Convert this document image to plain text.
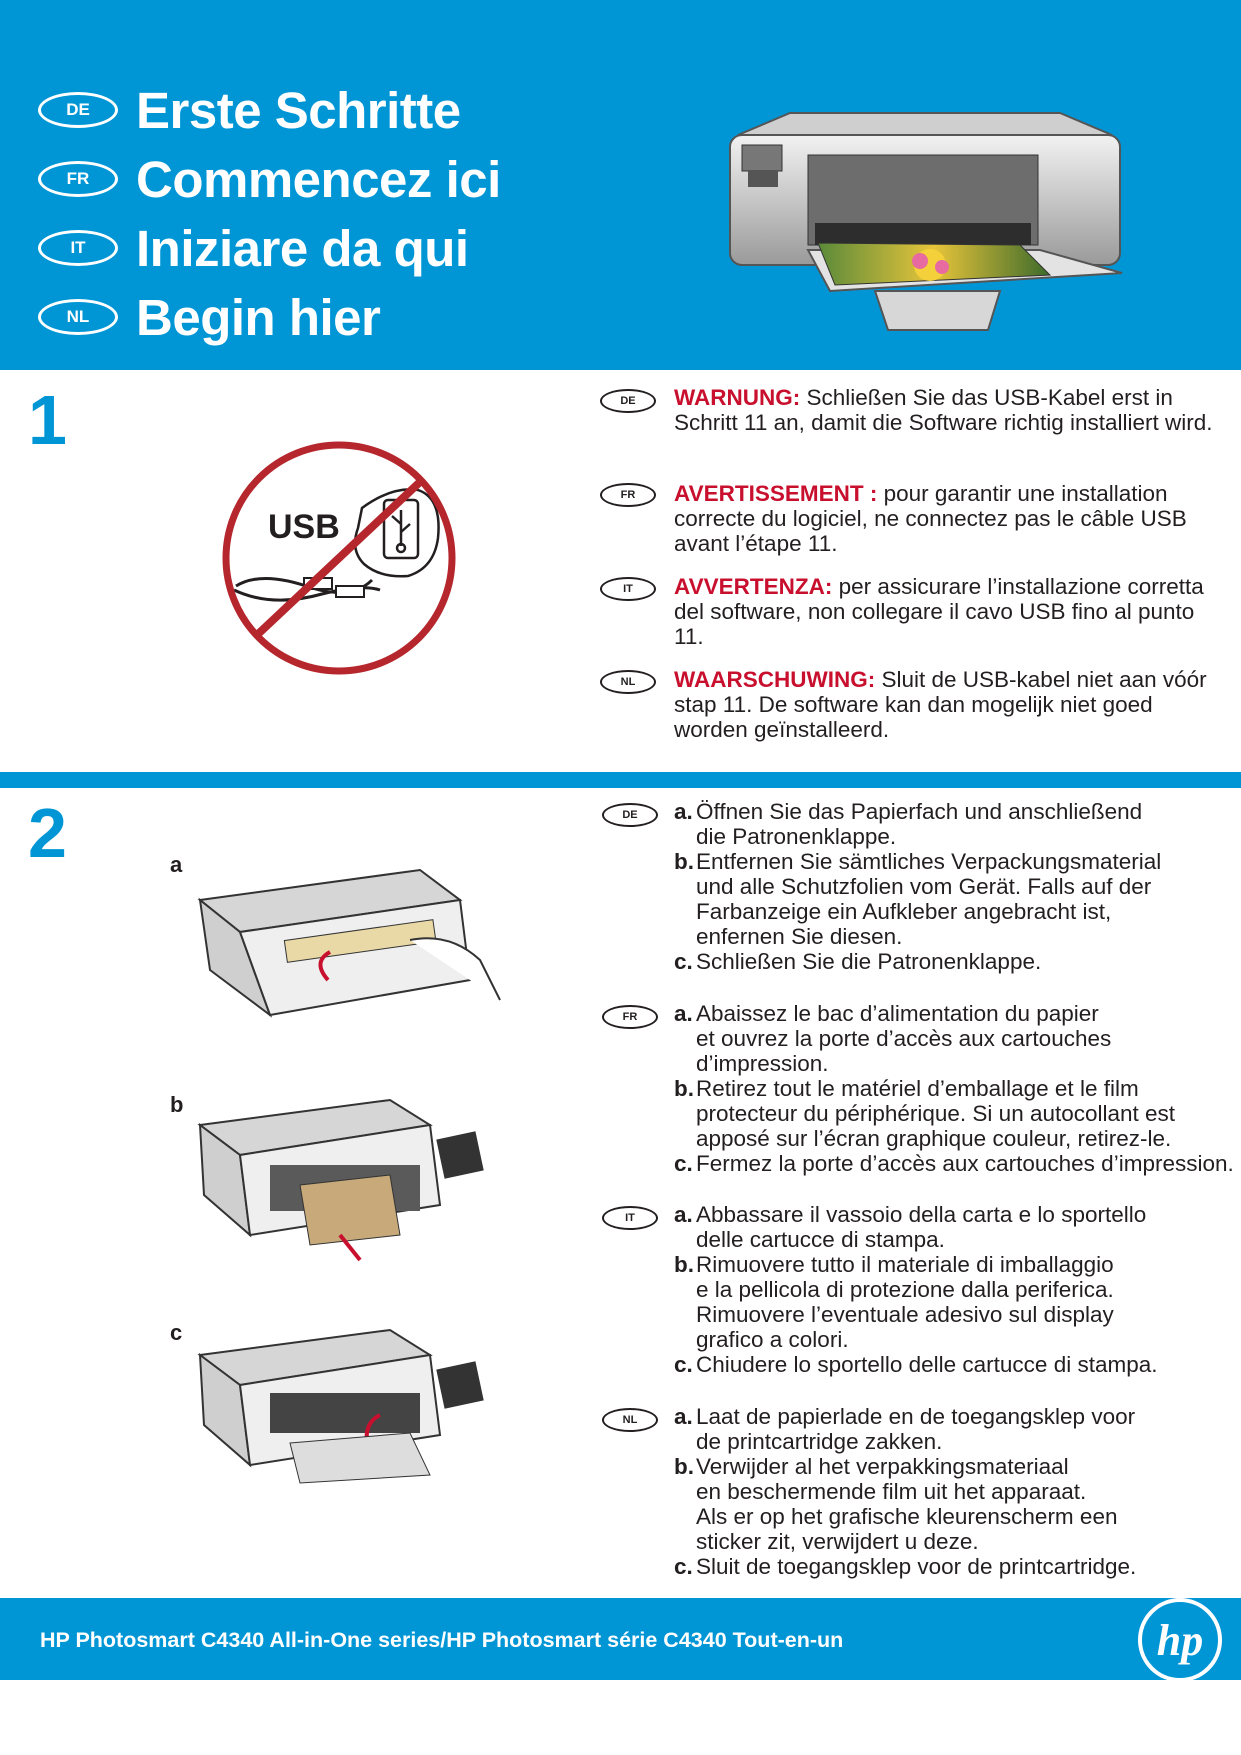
DE Erste Schritte
FR Commencez ici
IT Iniziare da qui
NL Begin hier
1
USB
DE	WARNUNG: Schließen Sie das USB-Kabel erst in Schritt 11 an, damit die Software richtig installiert wird.
FR	AVERTISSEMENT : pour garantir une installation correcte du logiciel, ne connectez pas le câble USB avant l’étape 11.
IT	AVVERTENZA: per assicurare l’installazione corretta del software, non collegare il cavo USB fino al punto 11.
NL	WAARSCHUWING: Sluit de USB-kabel niet aan vóór stap 11. De software kan dan mogelijk niet goed worden geïnstalleerd.
2	a
b
c
DE	a. Öffnen Sie das Papierfach und anschließend
die Patronenklappe.
b. Entfernen Sie sämtliches Verpackungsmaterial
und alle Schutzfolien vom Gerät. Falls auf der
Farbanzeige ein Aufkleber angebracht ist,
enfernen Sie diesen.
c. Schließen Sie die Patronenklappe.
FR	a. Abaissez le bac d’alimentation du papier
et ouvrez la porte d’accès aux cartouches
d’impression.
b. Retirez tout le matériel d’emballage et le film
protecteur du périphérique. Si un autocollant est
apposé sur l’écran graphique couleur, retirez-le.
c. Fermez la porte d’accès aux cartouches d’impression.
IT	a. Abbassare il vassoio della carta e lo sportello
delle cartucce di stampa.
b. Rimuovere tutto il materiale di imballaggio
e la pellicola di protezione dalla periferica.
Rimuovere l’eventuale adesivo sul display
grafico a colori.
c. Chiudere lo sportello delle cartucce di stampa.
NL	a. Laat de papierlade en de toegangsklep voor
de printcartridge zakken.
b. Verwijder al het verpakkingsmateriaal
en beschermende film uit het apparaat.
Als er op het grafische kleurenscherm een
sticker zit, verwijdert u deze.
c. Sluit de toegangsklep voor de printcartridge.
HP Photosmart C4340 All-in-One series/HP Photosmart série C4340 Tout-en-un	hp
